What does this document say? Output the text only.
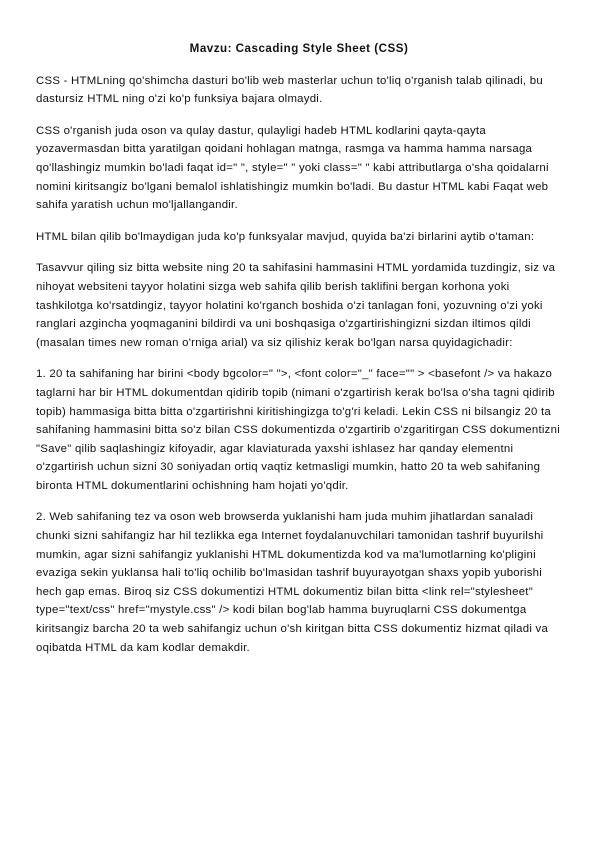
Mavzu: Cascading Style Sheet (CSS)

CSS - HTMLning qo'shimcha dasturi bo'lib web masterlar uchun to'liq o'rganish talab qilinadi, bu dastursiz HTML ning o'zi ko'p funksiya bajara olmaydi.

CSS o'rganish juda oson va qulay dastur, qulayligi hadeb HTML kodlarini qayta-qayta yozavermasdan bitta yaratilgan qoidani hohlagan matnga, rasmga va hamma hamma narsaga qo'llashingiz mumkin bo'ladi faqat id=" ", style=" " yoki class=" " kabi attributlarga o'sha qoidalarni nomini kiritsangiz bo'lgani bemalol ishlatishingiz mumkin bo'ladi. Bu dastur HTML kabi Faqat web sahifa yaratish uchun mo'ljallangandir.

HTML bilan qilib bo'lmaydigan juda ko'p funksyalar mavjud, quyida ba'zi birlarini aytib o'taman:

Tasavvur qiling siz bitta website ning 20 ta sahifasini hammasini HTML yordamida tuzdingiz, siz va nihoyat websiteni tayyor holatini sizga web sahifa qilib berish taklifini bergan korhona yoki tashkilotga ko'rsatdingiz, tayyor holatini ko'rganch boshida o'zi tanlagan foni, yozuvning o'zi yoki ranglari azgincha yoqmaganini bildirdi va uni boshqasiga o'zgartirishingizni sizdan iltimos qildi (masalan times new roman o'rniga arial) va siz qilishiz kerak bo'lgan narsa quyidagichadir:

1. 20 ta sahifaning har birini <body bgcolor=" ">, <font color="_" face="" > <basefont /> va hakazo taglarni har bir HTML dokumentdan qidirib topib (nimani o'zgartirish kerak bo'lsa o'sha tagni qidirib topib) hammasiga bitta bitta o'zgartirishni kiritishingizga to'g'ri keladi. Lekin CSS ni bilsangiz 20 ta sahifaning hammasini bitta so'z bilan CSS dokumentizda o'zgartirib o'zgaritirgan CSS dokumentizni "Save" qilib saqlashingiz kifoyadir, agar klaviaturada yaxshi ishlasez har qanday elementni o'zgartirish uchun sizni 30 soniyadan ortiq vaqtiz ketmasligi mumkin, hatto 20 ta web sahifaning bironta HTML dokumentlarini ochishning ham hojati yo'qdir.

2. Web sahifaning tez va oson web browserda yuklanishi ham juda muhim jihatlardan sanaladi chunki sizni sahifangiz har hil tezlikka ega Internet foydalanuvchilari tamonidan tashrif buyurilshi mumkin, agar sizni sahifangiz yuklanishi HTML dokumentizda kod va ma'lumotlarning ko'pligini evaziga sekin yuklansa hali to'liq ochilib bo'lmasidan tashrif buyurayotgan shaxs yopib yuborishi hech gap emas. Biroq siz CSS dokumentizi HTML dokumentiz bilan bitta <link rel="stylesheet" type="text/css" href="mystyle.css" /> kodi bilan bog'lab hamma buyruqlarni CSS dokumentga kiritsangiz barcha 20 ta web sahifangiz uchun o'sh kiritgan bitta CSS dokumentiz hizmat qiladi va oqibatda HTML da kam kodlar demakdir.
